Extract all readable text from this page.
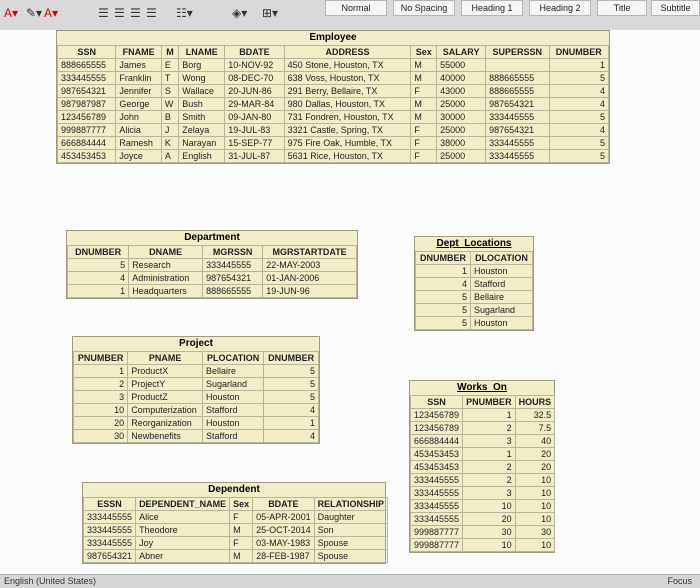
A▾ ✎▾ A▾	☰ ☰ ☰ ☰ ☷▾	◈▾ ⊞▾	Normal	No Spacing	Heading 1	Heading 2	Title	Subtitle
Employee
SSN	FNAME	M	LNAME	BDATE	ADDRESS	Sex	SALARY	SUPERSSN	DNUMBER
888665555	James	E	Borg	10-NOV-92	450 Stone, Houston, TX	M	55000		1
333445555	Franklin	T	Wong	08-DEC-70	638 Voss, Houston, TX	M	40000	888665555	5
987654321	Jennifer	S	Wallace	20-JUN-86	291 Berry, Bellaire, TX	F	43000	888665555	4
987987987	George	W	Bush	29-MAR-84	980 Dallas, Houston, TX	M	25000	987654321	4
123456789	John	B	Smith	09-JAN-80	731 Fondren, Houston, TX	M	30000	333445555	5
999887777	Alicia	J	Zelaya	19-JUL-83	3321 Castle, Spring, TX	F	25000	987654321	4
666884444	Ramesh	K	Narayan	15-SEP-77	975 Fire Oak, Humble, TX	F	38000	333445555	5
453453453	Joyce	A	English	31-JUL-87	5631 Rice, Houston, TX	F	25000	333445555	5
Department
DNUMBER	DNAME	MGRSSN	MGRSTARTDATE
5	Research	333445555	22-MAY-2003
4	Administration	987654321	01-JAN-2006
1	Headquarters	888665555	19-JUN-96
Dept_Locations
DNUMBER	DLOCATION
1	Houston
4	Stafford
5	Bellaire
5	Sugarland
5	Houston
Project
PNUMBER	PNAME	PLOCATION	DNUMBER
1	ProductX	Bellaire	5
2	ProjectY	Sugarland	5
3	ProductZ	Houston	5
10	Computerization	Stafford	4
20	Reorganization	Houston	1
30	Newbenefits	Stafford	4
Works_On
SSN	PNUMBER	HOURS
123456789	1	32.5
123456789	2	7.5
666884444	3	40
453453453	1	20
453453453	2	20
333445555	2	10
333445555	3	10
333445555	10	10
333445555	20	10
999887777	30	30
999887777	10	10
Dependent
ESSN	DEPENDENT_NAME	Sex	BDATE	RELATIONSHIP
333445555	Alice	F	05-APR-2001	Daughter
333445555	Theodore	M	25-OCT-2014	Son
333445555	Joy	F	03-MAY-1983	Spouse
987654321	Abner	M	28-FEB-1987	Spouse
English (United States)	Focus
